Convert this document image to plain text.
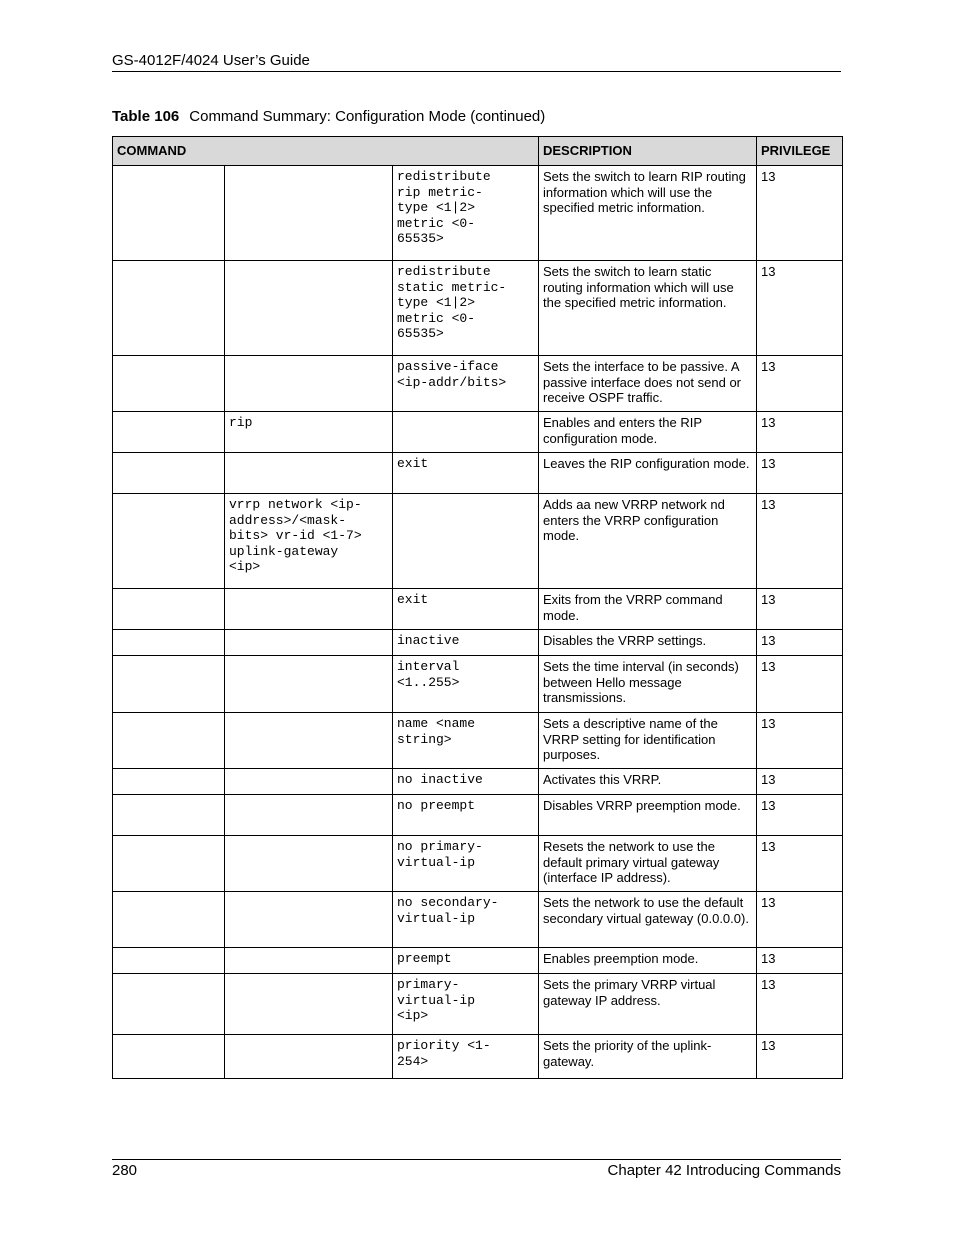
GS-4012F/4024 User’s Guide
Table 106 Command Summary: Configuration Mode (continued)
COMMAND			DESCRIPTION	PRIVILEGE
		redistribute
rip metric-
type <1|2>
metric <0-
65535>	Sets the switch to learn RIP routing information which will use the specified metric information.	13
		redistribute
static metric-
type <1|2>
metric <0-
65535>	Sets the switch to learn static routing information which will use the specified metric information.	13
		passive-iface
<ip-addr/bits>	Sets the interface to be passive. A passive interface does not send or receive OSPF traffic.	13
	rip		Enables and enters the RIP configuration mode.	13
		exit	Leaves the RIP configuration mode.	13
	vrrp network <ip-
address>/<mask-
bits> vr-id <1-7>
uplink-gateway
<ip>		Adds aa new VRRP network nd enters the VRRP configuration mode.	13
		exit	Exits from the VRRP command mode.	13
		inactive	Disables the VRRP settings.	13
		interval
<1..255>	Sets the time interval (in seconds) between Hello message transmissions.	13
		name <name
string>	Sets a descriptive name of the VRRP setting for identification purposes.	13
		no inactive	Activates this VRRP.	13
		no preempt	Disables VRRP preemption mode.	13
		no primary-
virtual-ip	Resets the network to use the default primary virtual gateway (interface IP address).	13
		no secondary-
virtual-ip	Sets the network to use the default secondary virtual gateway (0.0.0.0).	13
		preempt	Enables preemption mode.	13
		primary-
virtual-ip
<ip>	Sets the primary VRRP virtual gateway IP address.	13
		priority <1-
254>	Sets the priority of the uplink-gateway.	13
280	Chapter 42 Introducing Commands
